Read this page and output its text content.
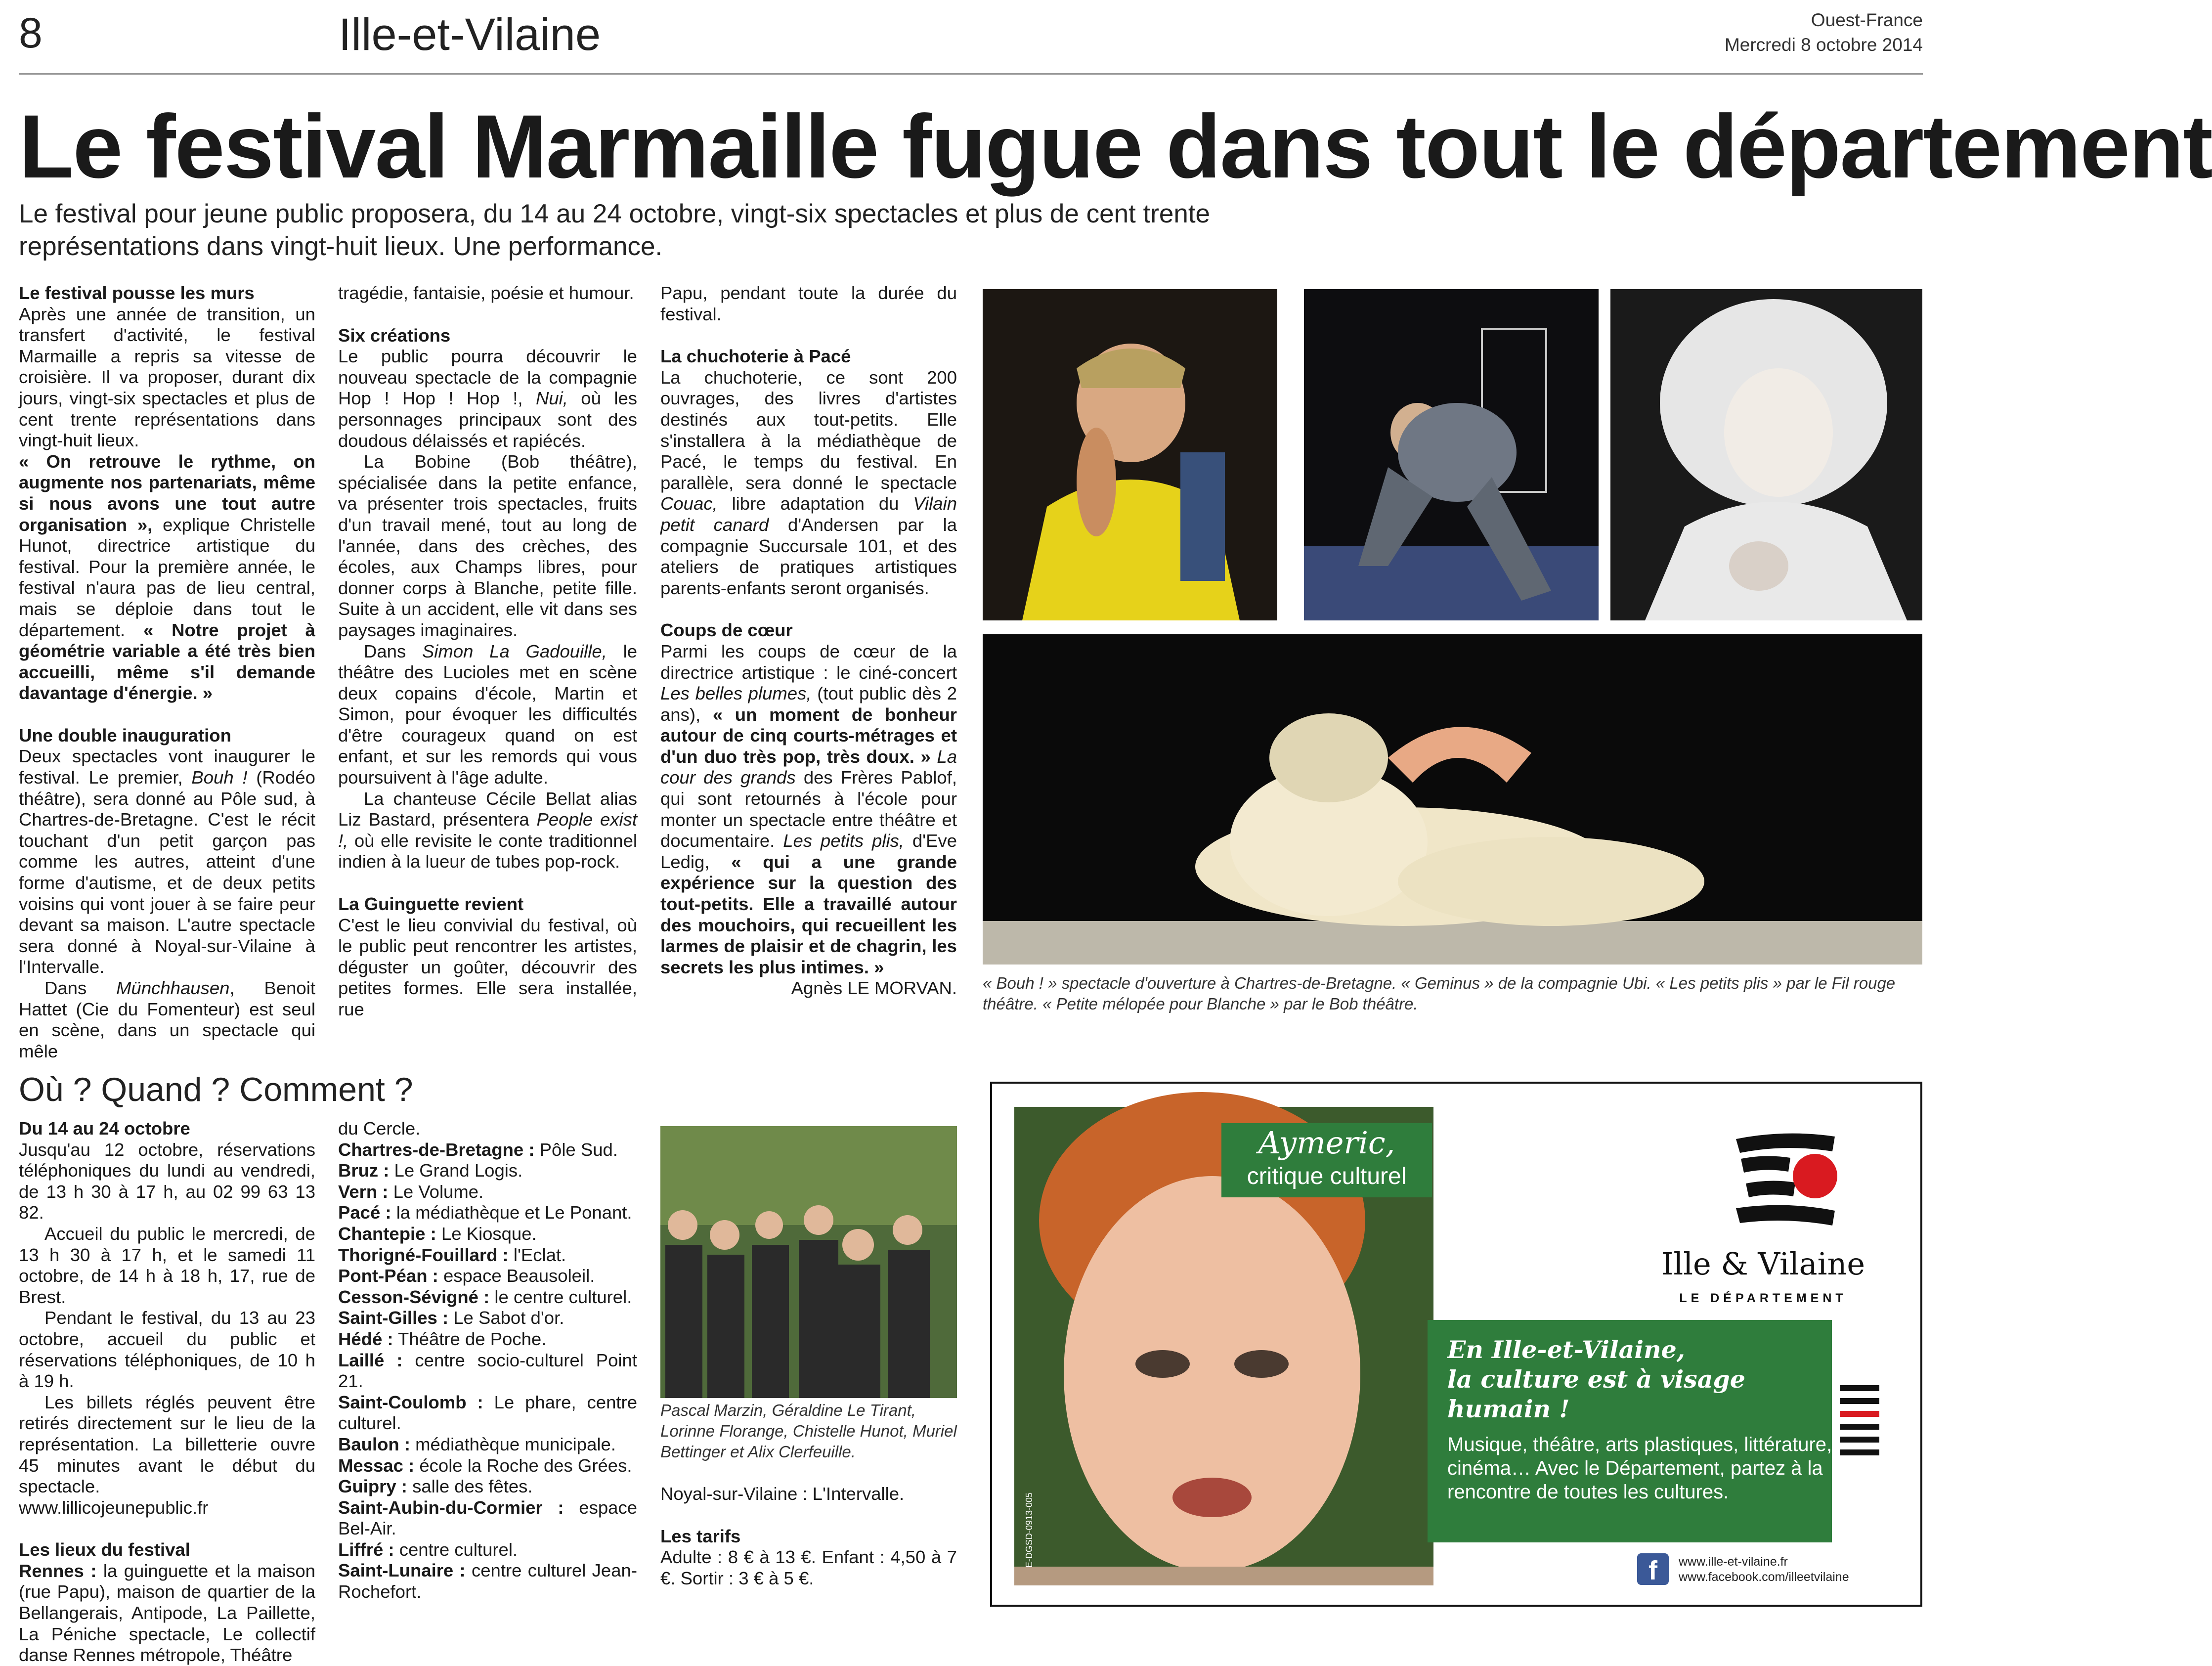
8	Ille-et-Vilaine	Ouest-France
Mercredi 8 octobre 2014
Le festival Marmaille fugue dans tout le département
Le festival pour jeune public proposera, du 14 au 24 octobre, vingt-six spectacles et plus de cent trente représentations dans vingt-huit lieux. Une performance.

Le festival pousse les murs

Après une année de transition, un transfert d'activité, le festival Marmaille a repris sa vitesse de croisière. Il va proposer, durant dix jours, vingt-six spectacles et plus de cent trente représentations dans vingt-huit lieux.

« On retrouve le rythme, on augmente nos partenariats, même si nous avons une tout autre organisation », explique Christelle Hunot, directrice artistique du festival. Pour la première année, le festival n'aura pas de lieu central, mais se déploie dans tout le département. « Notre projet à géométrie variable a été très bien accueilli, même s'il demande davantage d'énergie. »

Une double inauguration

Deux spectacles vont inaugurer le festival. Le premier, Bouh ! (Rodéo théâtre), sera donné au Pôle sud, à Chartres-de-Bretagne. C'est le récit touchant d'un petit garçon pas comme les autres, atteint d'une forme d'autisme, et de deux petits voisins qui vont jouer à se faire peur devant sa maison. L'autre spectacle sera donné à Noyal-sur-Vilaine à l'Intervalle.

Dans Münchhausen, Benoit Hattet (Cie du Fomenteur) est seul en scène, dans un spectacle qui mêle

tragédie, fantaisie, poésie et humour.

Six créations

Le public pourra découvrir le nouveau spectacle de la compagnie Hop ! Hop ! Hop !, Nui, où les personnages principaux sont des doudous délaissés et rapiécés.

La Bobine (Bob théâtre), spécialisée dans la petite enfance, va présenter trois spectacles, fruits d'un travail mené, tout au long de l'année, dans des crèches, des écoles, aux Champs libres, pour donner corps à Blanche, petite fille. Suite à un accident, elle vit dans ses paysages imaginaires.

Dans Simon La Gadouille, le théâtre des Lucioles met en scène deux copains d'école, Martin et Simon, pour évoquer les difficultés d'être courageux quand on est enfant, et sur les remords qui vous poursuivent à l'âge adulte.

La chanteuse Cécile Bellat alias Liz Bastard, présentera People exist !, où elle revisite le conte traditionnel indien à la lueur de tubes pop-rock.

La Guinguette revient

C'est le lieu convivial du festival, où le public peut rencontrer les artistes, déguster un goûter, découvrir des petites formes. Elle sera installée, rue

Papu, pendant toute la durée du festival.

La chuchoterie à Pacé

La chuchoterie, ce sont 200 ouvrages, des livres d'artistes destinés aux tout-petits. Elle s'installera à la médiathèque de Pacé, le temps du festival. En parallèle, sera donné le spectacle Couac, libre adaptation du Vilain petit canard d'Andersen par la compagnie Succursale 101, et des ateliers de pratiques artistiques parents-enfants seront organisés.

Coups de cœur

Parmi les coups de cœur de la directrice artistique : le ciné-concert Les belles plumes, (tout public dès 2 ans), « un moment de bonheur autour de cinq courts-métrages et d'un duo très pop, très doux. » La cour des grands des Frères Pablof, qui sont retournés à l'école pour monter un spectacle entre théâtre et documentaire. Les petits plis, d'Eve Ledig, « qui a une grande expérience sur la question des tout-petits. Elle a travaillé autour des mouchoirs, qui recueillent les larmes de plaisir et de chagrin, les secrets les plus intimes. »

Agnès LE MORVAN. « Bouh ! » spectacle d'ouverture à Chartres-de-Bretagne. « Geminus » de la compagnie Ubi. « Les petits plis » par le Fil rouge théâtre. « Petite mélopée pour Blanche » par le Bob théâtre.
Où ? Quand ? Comment ?

Du 14 au 24 octobre

Jusqu'au 12 octobre, réservations téléphoniques du lundi au vendredi, de 13 h 30 à 17 h, au 02 99 63 13 82.

Accueil du public le mercredi, de 13 h 30 à 17 h, et le samedi 11 octobre, de 14 h à 18 h, 17, rue de Brest.

Pendant le festival, du 13 au 23 octobre, accueil du public et réservations téléphoniques, de 10 h à 19 h.

Les billets réglés peuvent être retirés directement sur le lieu de la représentation. La billetterie ouvre 45 minutes avant le début du spectacle.

www.lillicojeunepublic.fr

Les lieux du festival

Rennes : la guinguette et la maison (rue Papu), maison de quartier de la Bellangerais, Antipode, La Paillette, La Péniche spectacle, Le collectif danse Rennes métropole, Théâtre

du Cercle.

Chartres-de-Bretagne : Pôle Sud.

Bruz : Le Grand Logis.

Vern : Le Volume.

Pacé : la médiathèque et Le Ponant.

Chantepie : Le Kiosque.

Thorigné-Fouillard : l'Eclat.

Pont-Péan : espace Beausoleil.

Cesson-Sévigné : le centre culturel.

Saint-Gilles : Le Sabot d'or.

Hédé : Théâtre de Poche.

Laillé : centre socio-culturel Point 21.

Saint-Coulomb : Le phare, centre culturel.

Baulon : médiathèque municipale.

Messac : école la Roche des Grées.

Guipry : salle des fêtes.

Saint-Aubin-du-Cormier : espace Bel-Air.

Liffré : centre culturel.

Saint-Lunaire : centre culturel Jean-Rochefort.

Pascal Marzin, Géraldine Le Tirant, Lorinne Florange, Chistelle Hunot, Muriel Bettinger et Alix Clerfeuille.

Noyal-sur-Vilaine : L'Intervalle.

Les tarifs

Adulte : 8 € à 13 €. Enfant : 4,50 à 7 €. Sortir : 3 € à 5 €.

E-DGSD-0913-005
Aymeric,
critique culturel
Ille & Vilaine
LE DÉPARTEMENT
En Ille-et-Vilaine,
la culture est à visage humain !
Musique, théâtre, arts plastiques, littérature, cinéma… Avec le Département, partez à la rencontre de toutes les cultures.
f	www.ille-et-vilaine.fr
www.facebook.com/illeetvilaine
